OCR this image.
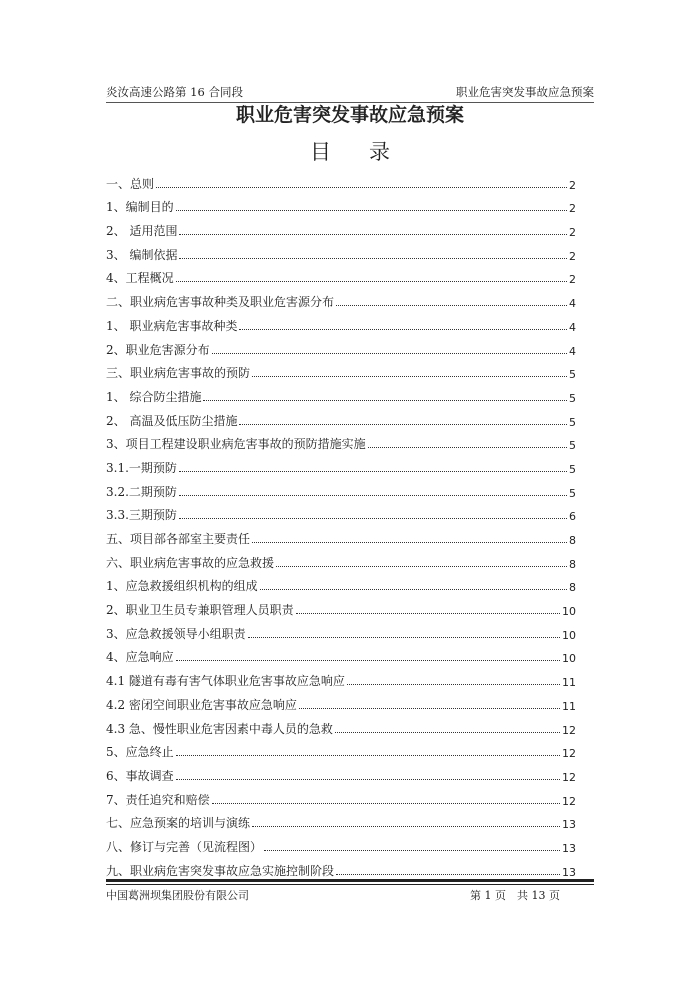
炎汝高速公路第 16 合同段	职业危害突发事故应急预案
职业危害突发事故应急预案
目录
一、总则	2
1、编制目的	2
2、 适用范围	2
3、 编制依据	2
4、工程概况	2
二、职业病危害事故种类及职业危害源分布	4
1、 职业病危害事故种类	4
2、职业危害源分布	4
三、职业病危害事故的预防	5
1、 综合防尘措施	5
2、 高温及低压防尘措施	5
3、项目工程建设职业病危害事故的预防措施实施	5
3.1.一期预防	5
3.2.二期预防	5
3.3.三期预防	6
五、项目部各部室主要责任	8
六、职业病危害事故的应急救援	8
1、应急救援组织机构的组成	8
2、职业卫生员专兼职管理人员职责	10
3、应急救援领导小组职责	10
4、应急响应	10
4.1 隧道有毒有害气体职业危害事故应急响应	11
4.2 密闭空间职业危害事故应急响应	11
4.3 急、慢性职业危害因素中毒人员的急救	12
5、应急终止	12
6、事故调查	12
7、责任追究和赔偿	12
七、应急预案的培训与演练	13
八、修订与完善（见流程图）	13
九、职业病危害突发事故应急实施控制阶段	13
中国葛洲坝集团股份有限公司	第 1 页　共 13 页
